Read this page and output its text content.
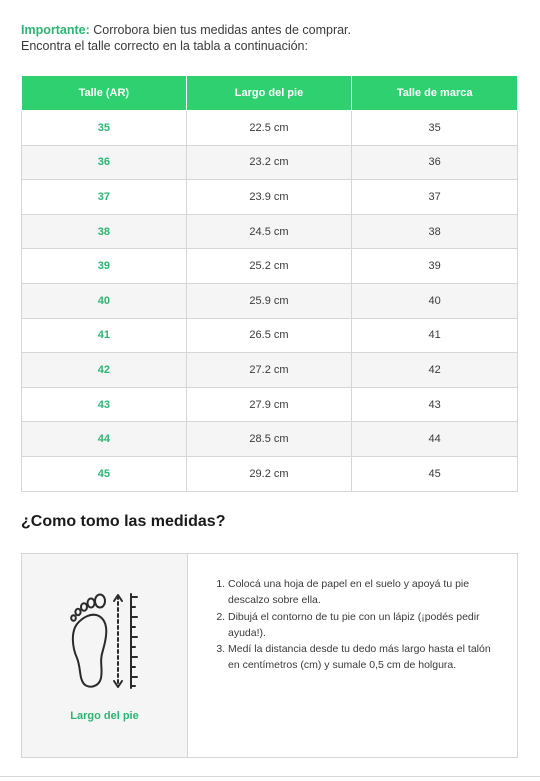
Importante: Corrobora bien tus medidas antes de comprar.
Encontra el talle correcto en la tabla a continuación:
Talle (AR)	Largo del pie	Talle de marca
35	22.5 cm	35
36	23.2 cm	36
37	23.9 cm	37
38	24.5 cm	38
39	25.2 cm	39
40	25.9 cm	40
41	26.5 cm	41
42	27.2 cm	42
43	27.9 cm	43
44	28.5 cm	44
45	29.2 cm	45
¿Como tomo las medidas?
Largo del pie
1. Colocá una hoja de papel en el suelo y apoyá tu pie descalzo sobre ella.
2. Dibujá el contorno de tu pie con un lápiz (¡podés pedir ayuda!).
3. Medí la distancia desde tu dedo más largo hasta el talón en centímetros (cm) y sumale 0,5 cm de holgura.
